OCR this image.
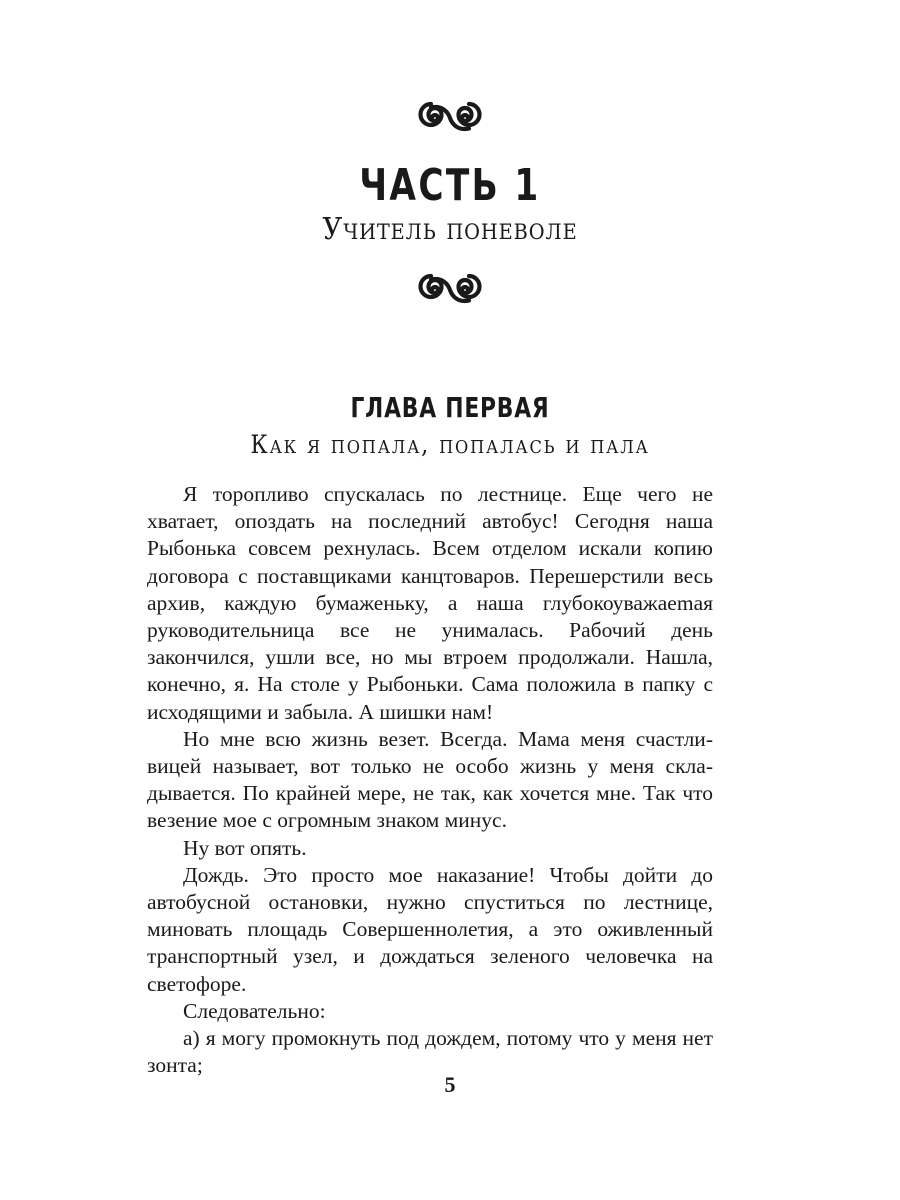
ЧАСТЬ 1
Учитель поневоле
ГЛАВА ПЕРВАЯ
Как я попала, попалась и пала

Я торопливо спускалась по лестнице. Еще чего не хватает, опоздать на последний автобус! Сегодня наша Рыбонька совсем рехнулась. Всем отделом искали копию договора с поставщиками канцтоваров. Перешерстили весь архив, каждую бумаженьку, а наша глубокоуважаеmая руководительница все не унималась. Рабочий день закончился, ушли все, но мы втроем продолжали. Нашла, конечно, я. На столе у Рыбоньки. Сама положила в папку с исходящими и забыла. А шишки нам!

Но мне всю жизнь везет. Всегда. Мама меня счастливицей называет, вот только не особо жизнь у меня складывается. По крайней мере, не так, как хочется мне. Так что везение мое с огромным знаком минус.

Ну вот опять.

Дождь. Это просто мое наказание! Чтобы дойти до автобусной остановки, нужно спуститься по лестнице, миновать площадь Совершеннолетия, а это оживленный транспортный узел, и дождаться зеленого человечка на светофоре.

Следовательно:

а) я могу промокнуть под дождем, потому что у меня нет зонта;

5
